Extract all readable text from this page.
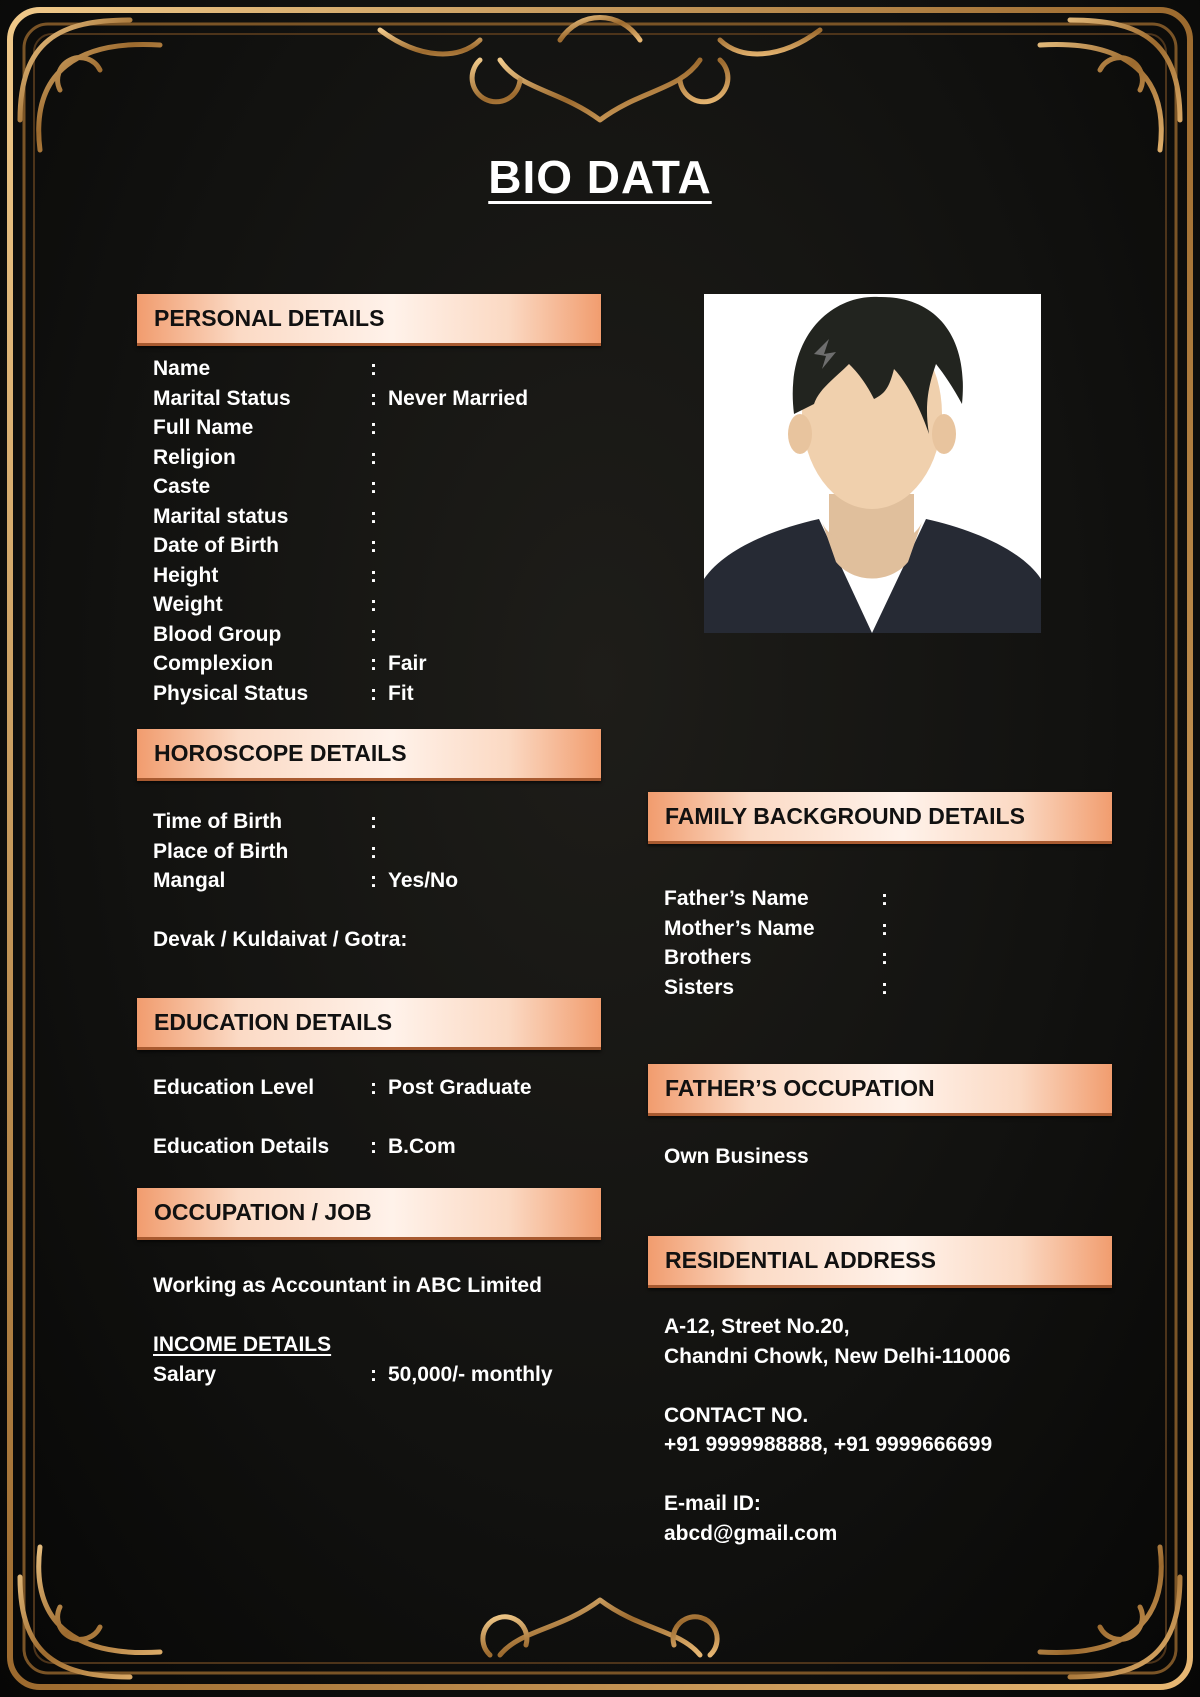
BIO DATA
PERSONAL DETAILS
Name	:
Marital Status	: Never Married
Full Name	:
Religion	:
Caste	:
Marital status	:
Date of Birth	:
Height	:
Weight	:
Blood Group	:
Complexion	: Fair
Physical Status	: Fit
HOROSCOPE DETAILS
Time of Birth	:
Place of Birth	:
Mangal	: Yes/No
Devak / Kuldaivat / Gotra:
EDUCATION DETAILS
Education Level	: Post Graduate
Education Details : B.Com
OCCUPATION / JOB
Working as Accountant in ABC Limited
INCOME DETAILS
Salary	: 50,000/- monthly
FAMILY BACKGROUND DETAILS
Father’s Name	:
Mother’s Name	:
Brothers	:
Sisters	:
FATHER’S OCCUPATION
Own Business
RESIDENTIAL ADDRESS
A-12, Street No.20,
Chandni Chowk, New Delhi-110006
CONTACT NO.
+91 9999988888, +91 9999666699
E-mail ID:
abcd@gmail.com
